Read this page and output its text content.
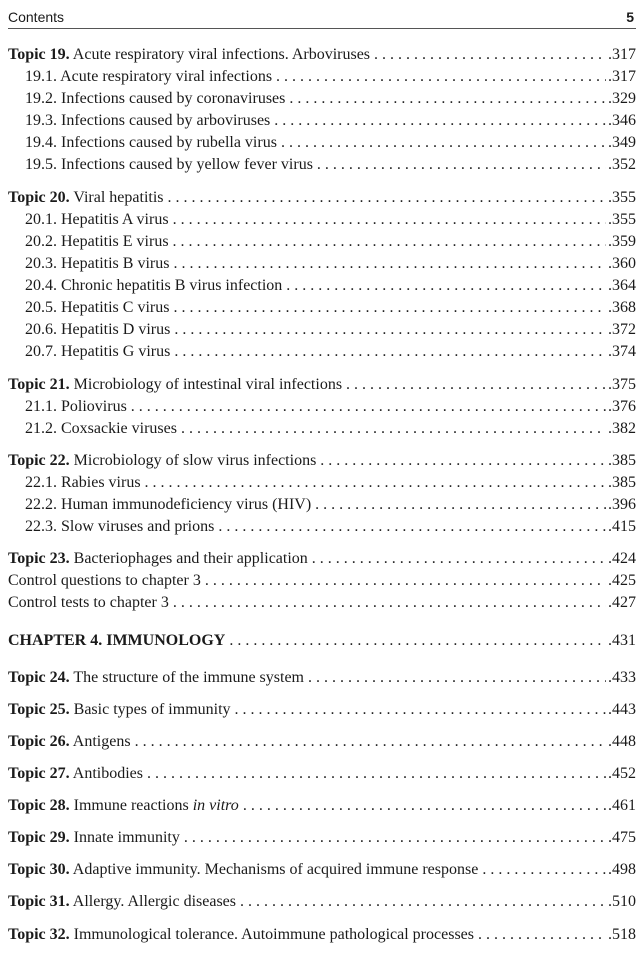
Contents	5
Topic 19. Acute respiratory viral infections. Arboviruses . . .	.317
19.1. Acute respiratory viral infections . . .	.317
19.2. Infections caused by coronaviruses . . .	.329
19.3. Infections caused by arboviruses . . .	.346
19.4. Infections caused by rubella virus . . .	.349
19.5. Infections caused by yellow fever virus . . .	.352
Topic 20. Viral hepatitis . . .	.355
20.1. Hepatitis A virus . . .	.355
20.2. Hepatitis E virus . . .	.359
20.3. Hepatitis B virus . . .	.360
20.4. Chronic hepatitis B virus infection . . .	.364
20.5. Hepatitis C virus . . .	.368
20.6. Hepatitis D virus . . .	.372
20.7. Hepatitis G virus . . .	.374
Topic 21. Microbiology of intestinal viral infections . . .	.375
21.1. Poliovirus . . .	.376
21.2. Coxsackie viruses . . .	.382
Topic 22. Microbiology of slow virus infections . . .	.385
22.1. Rabies virus . . .	.385
22.2. Human immunodeficiency virus (HIV) . . .	.396
22.3. Slow viruses and prions . . .	.415
Topic 23. Bacteriophages and their application . . .	.424
Control questions to chapter 3 . . .	.425
Control tests to chapter 3 . . .	.427
CHAPTER 4. IMMUNOLOGY . . .	.431
Topic 24. The structure of the immune system . . .	.433
Topic 25. Basic types of immunity . . .	.443
Topic 26. Antigens . . .	.448
Topic 27. Antibodies . . .	.452
Topic 28. Immune reactions in vitro . . .	.461
Topic 29. Innate immunity . . .	.475
Topic 30. Adaptive immunity. Mechanisms of acquired immune response . . .	.498
Topic 31. Allergy. Allergic diseases . . .	.510
Topic 32. Immunological tolerance. Autoimmune pathological processes . . .	.518
